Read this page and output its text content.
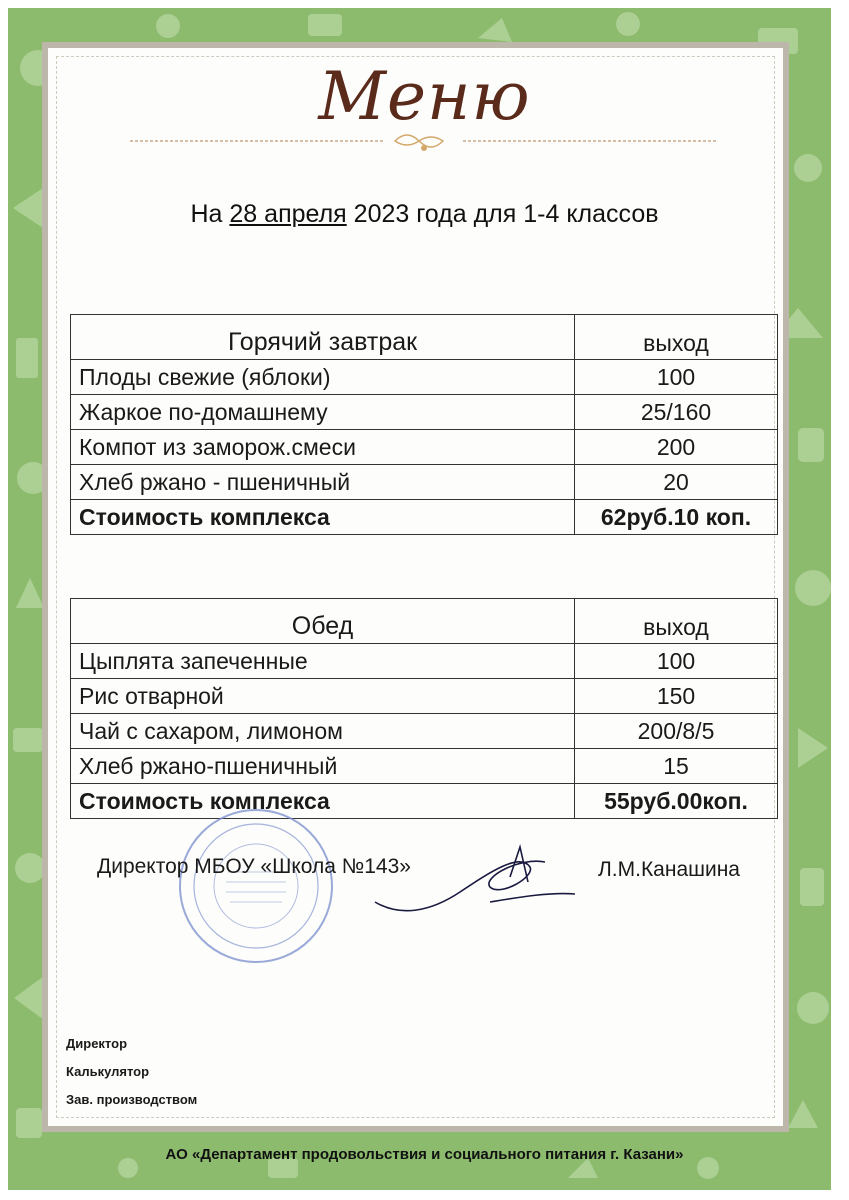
Меню
На 28 апреля 2023 года для 1-4 классов
Горячий завтрак	выход
Плоды свежие (яблоки)	100
Жаркое по-домашнему	25/160
Компот из заморож.смеси	200
Хлеб ржано - пшеничный	20
Стоимость комплекса	62руб.10 коп.
Обед	выход
Цыплята запеченные	100
Рис отварной	150
Чай с сахаром, лимоном	200/8/5
Хлеб ржано-пшеничный	15
Стоимость комплекса	55руб.00коп.
Директор МБОУ «Школа №143»	Л.М.Канашина
Директор
Калькулятор
Зав. производством
АО «Департамент продовольствия и социального питания г. Казани»
